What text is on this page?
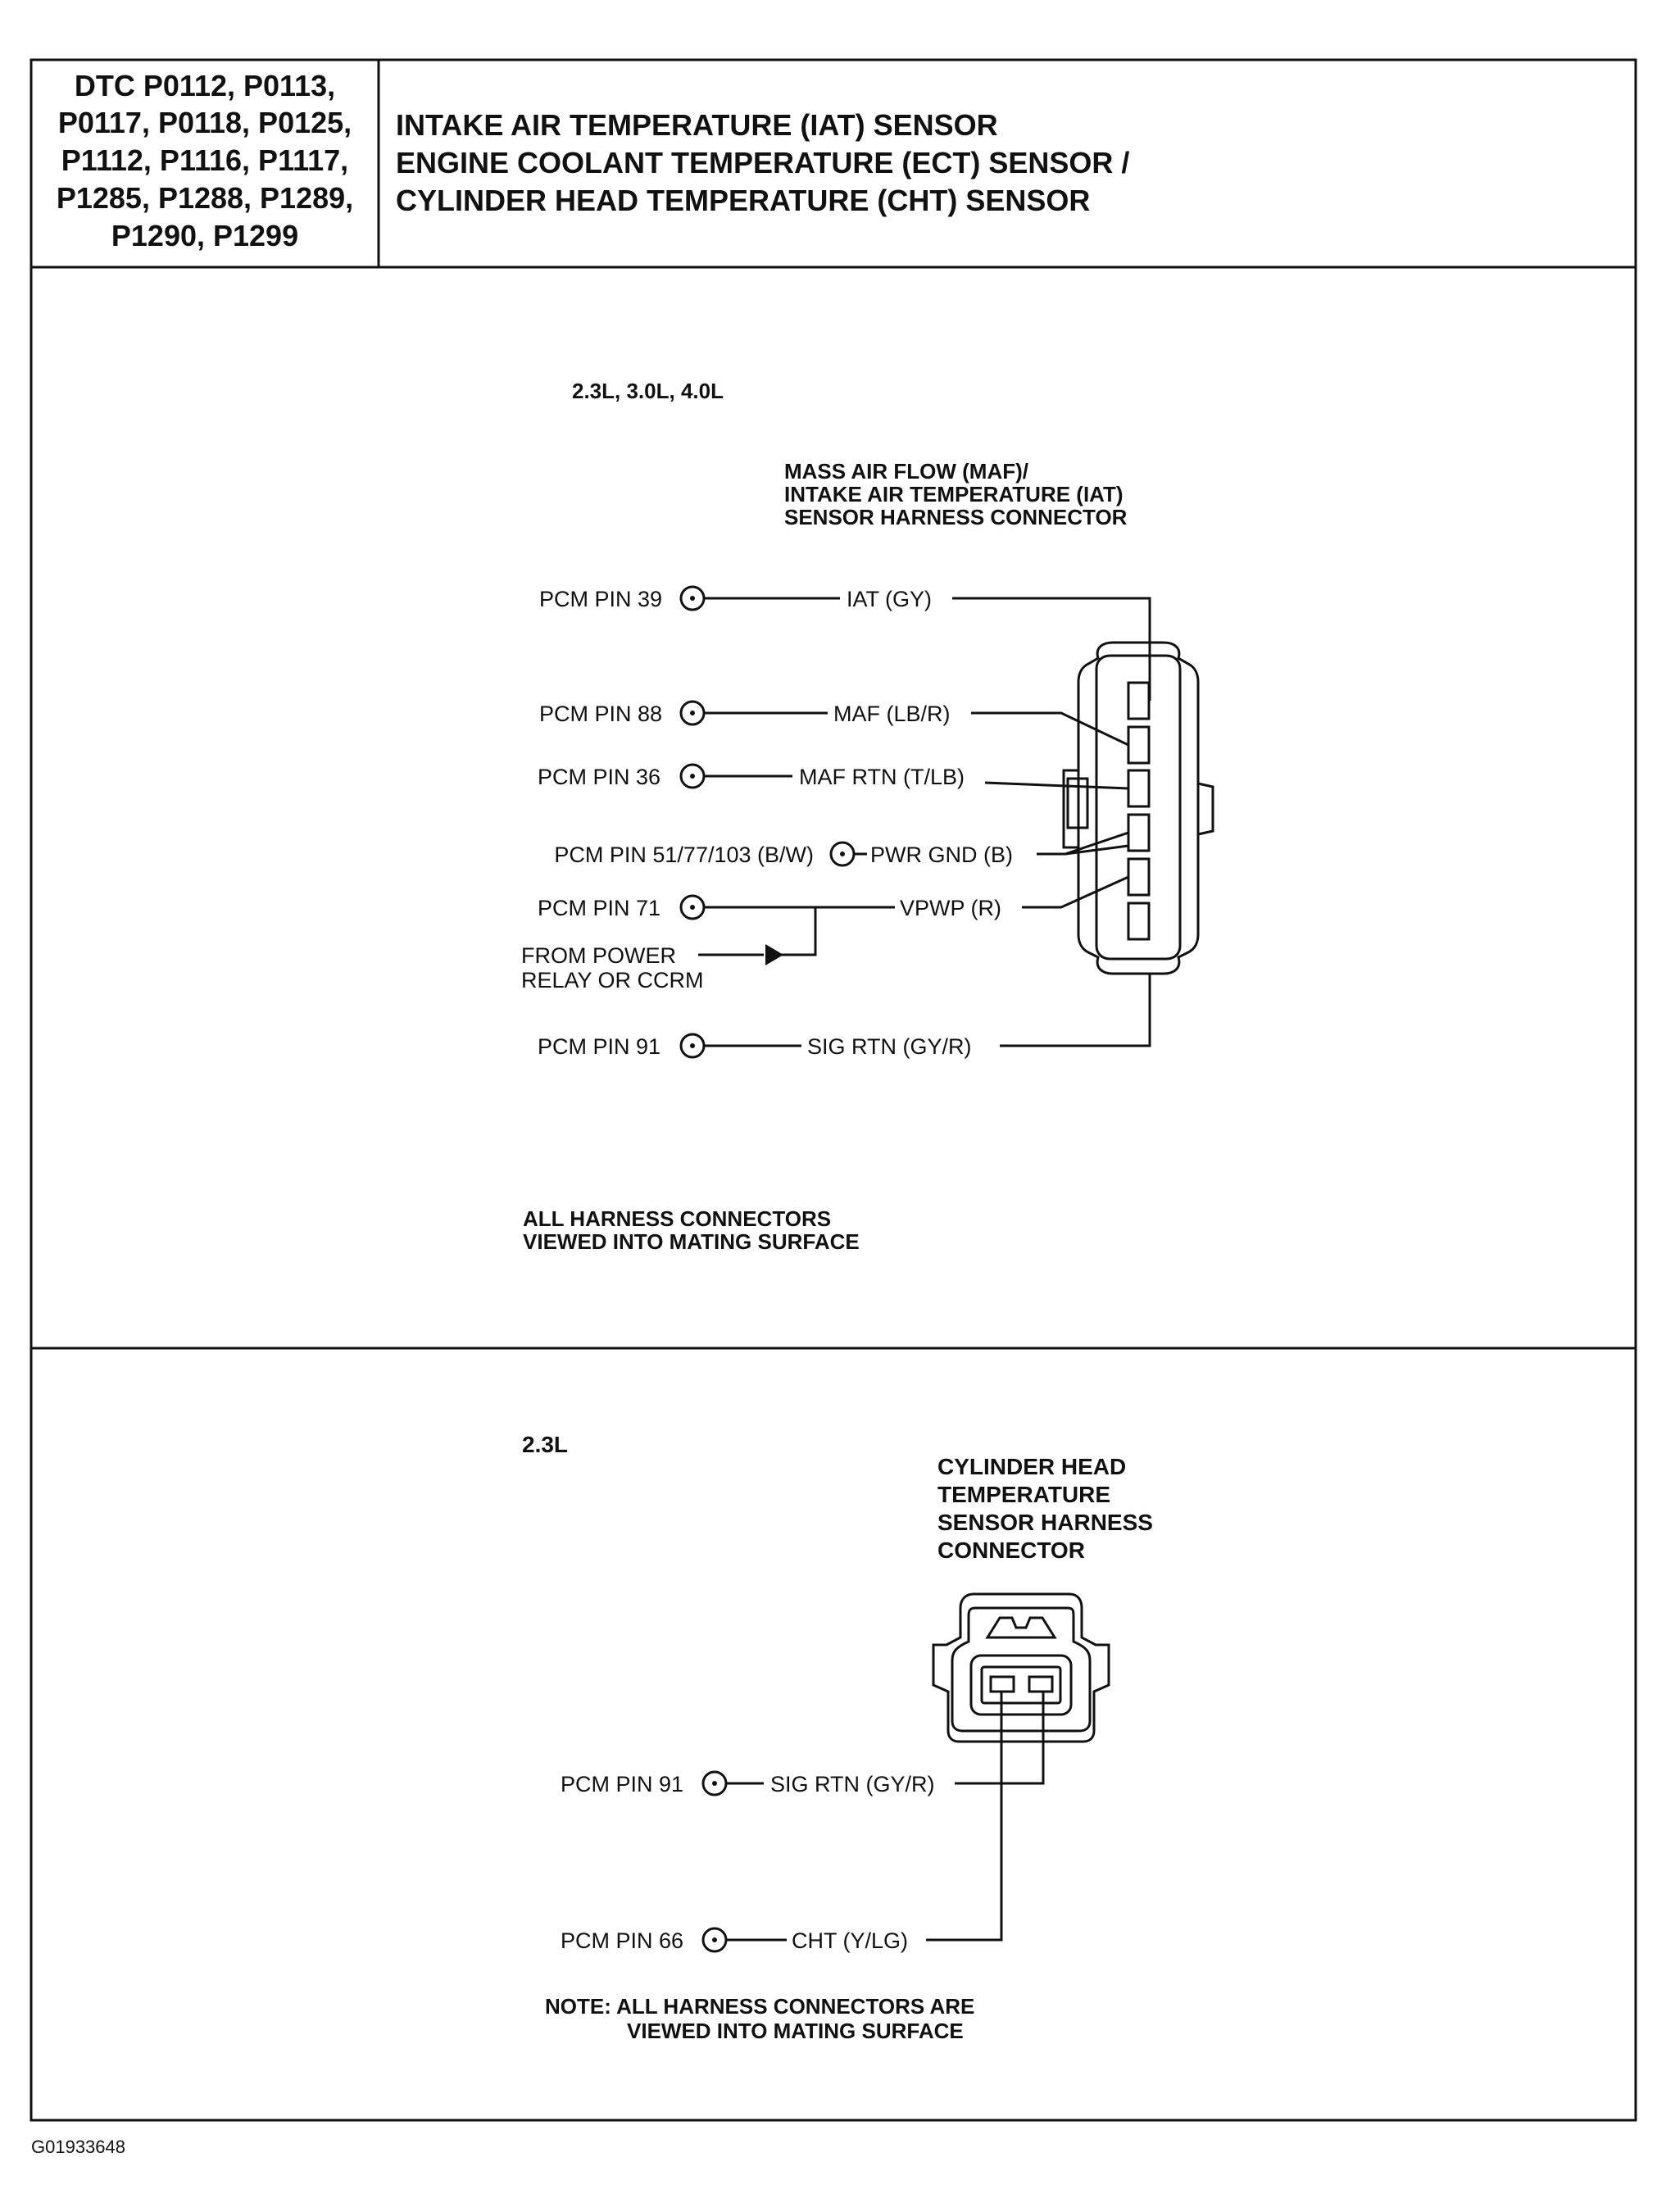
DTC P0112, P0113,
P0117, P0118, P0125,
P1112, P1116, P1117,
P1285, P1288, P1289,
P1290, P1299
INTAKE AIR TEMPERATURE (IAT) SENSOR
ENGINE COOLANT TEMPERATURE (ECT) SENSOR /
CYLINDER HEAD TEMPERATURE (CHT) SENSOR
2.3L, 3.0L, 4.0L
MASS AIR FLOW (MAF)/
INTAKE AIR TEMPERATURE (IAT)
SENSOR HARNESS CONNECTOR
PCM PIN 39	IAT (GY)
PCM PIN 88	MAF (LB/R)
PCM PIN 36	MAF RTN (T/LB)
PCM PIN 51/77/103 (B/W)	PWR GND (B)
PCM PIN 71	VPWP (R)
FROM POWER
RELAY OR CCRM
PCM PIN 91	SIG RTN (GY/R)
ALL HARNESS CONNECTORS
VIEWED INTO MATING SURFACE
2.3L
CYLINDER HEAD
TEMPERATURE
SENSOR HARNESS
CONNECTOR
PCM PIN 91	SIG RTN (GY/R)
PCM PIN 66	CHT (Y/LG)
NOTE: ALL HARNESS CONNECTORS ARE
VIEWED INTO MATING SURFACE
G01933648
